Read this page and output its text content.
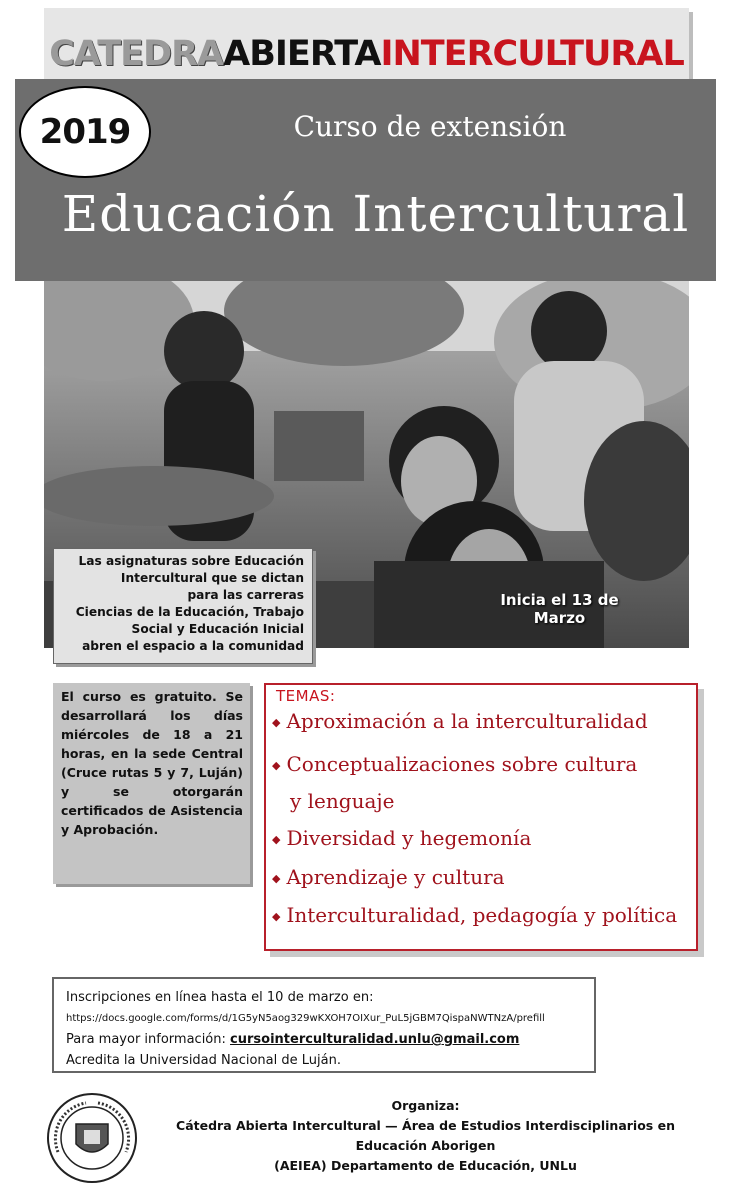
CATEDRAABIERTAINTERCULTURAL
2019	Curso de extensión
Educación Intercultural
Las asignaturas sobre Educación
Intercultural que se dictan
para las carreras
Ciencias de la Educación, Trabajo
Social y Educación Inicial
abren el espacio a la comunidad
Inicia el 13 de Marzo

El curso es gratuito. Se desarrollará los días miércoles de 18 a 21 horas, en la sede Central (Cruce rutas 5 y 7, Luján) y se otorgarán certificados de Asistencia y Aprobación.

TEMAS:
◆ Aproximación a la interculturalidad
◆ Conceptualizaciones sobre cultura
y lenguaje
◆ Diversidad y hegemonía
◆ Aprendizaje y cultura
◆ Interculturalidad, pedagogía y política
Inscripciones en línea hasta el 10 de marzo en:
https://docs.google.com/forms/d/1G5yN5aog329wKXOH7OIXur_PuL5jGBM7QispaNWTNzA/prefill
Para mayor información: cursointerculturalidad.unlu@gmail.com
Acredita la Universidad Nacional de Luján.
Organiza:
Cátedra Abierta Intercultural — Área de Estudios Interdisciplinarios en Educación Aborigen
(AEIEA) Departamento de Educación, UNLu
